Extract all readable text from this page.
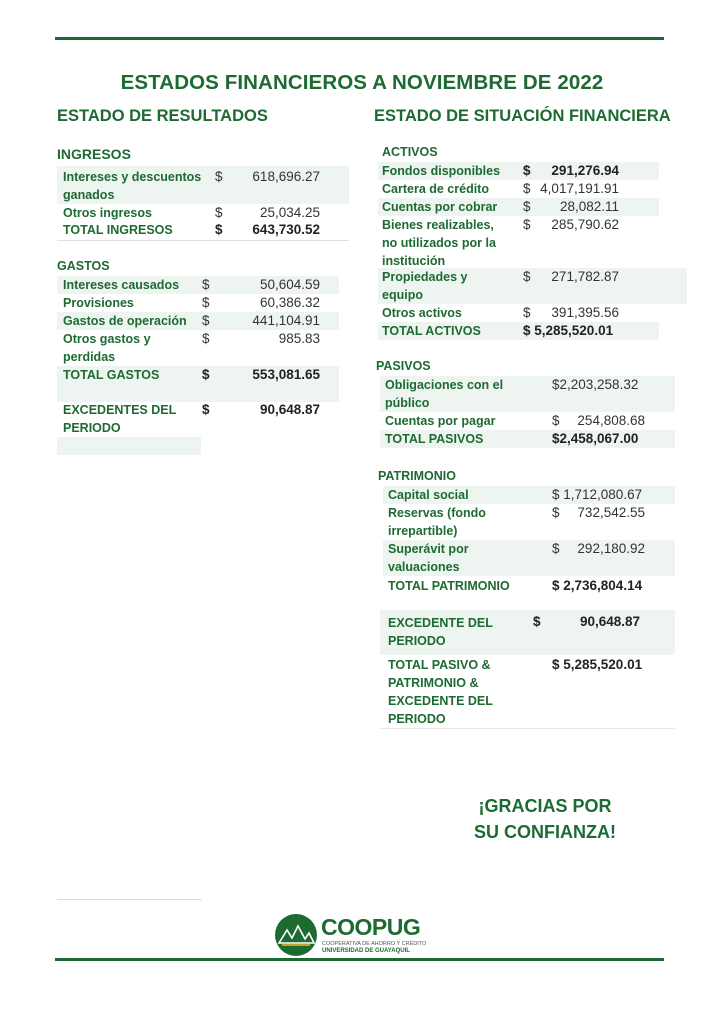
ESTADOS FINANCIEROS A NOVIEMBRE DE 2022
ESTADO DE RESULTADOS
INGRESOS
Intereses y descuentos ganados
$ 618,696.27
Otros ingresos	$	25,034.25
TOTAL INGRESOS	$ 643,730.52
GASTOS
Intereses causados $	50,604.59
Provisiones	$	60,386.32
Gastos de operación $	441,104.91
Otros gastos y perdidas
$	985.83
TOTAL GASTOS	$	553,081.65
EXCEDENTES DEL PERIODO
$	90,648.87
ESTADO DE SITUACIÓN FINANCIERA
ACTIVOS
Fondos disponibles $ 291,276.94
Cartera de crédito	$ 4,017,191.91
Cuentas por cobrar $ 28,082.11
Bienes realizables, no utilizados por la institución
$ 285,790.62
Propiedades y equipo
$ 271,782.87
Otros activos	$ 391,395.56
TOTAL ACTIVOS	$ 5,285,520.01
PASIVOS
Obligaciones con el público
$2,203,258.32
Cuentas por pagar	$ 254,808.68
TOTAL PASIVOS	$2,458,067.00
PATRIMONIO
Capital social	$ 1,712,080.67
Reservas (fondo irrepartible)
$ 732,542.55
Superávit por valuaciones
$ 292,180.92
TOTAL PATRIMONIO	$ 2,736,804.14
EXCEDENTE DEL PERIODO
$	90,648.87
TOTAL PASIVO & PATRIMONIO & EXCEDENTE DEL PERIODO
$ 5,285,520.01
¡GRACIAS POR
SU CONFIANZA!
COOPUG
COOPERATIVA DE AHORRO Y CRÉDITO
UNIVERSIDAD DE GUAYAQUIL
